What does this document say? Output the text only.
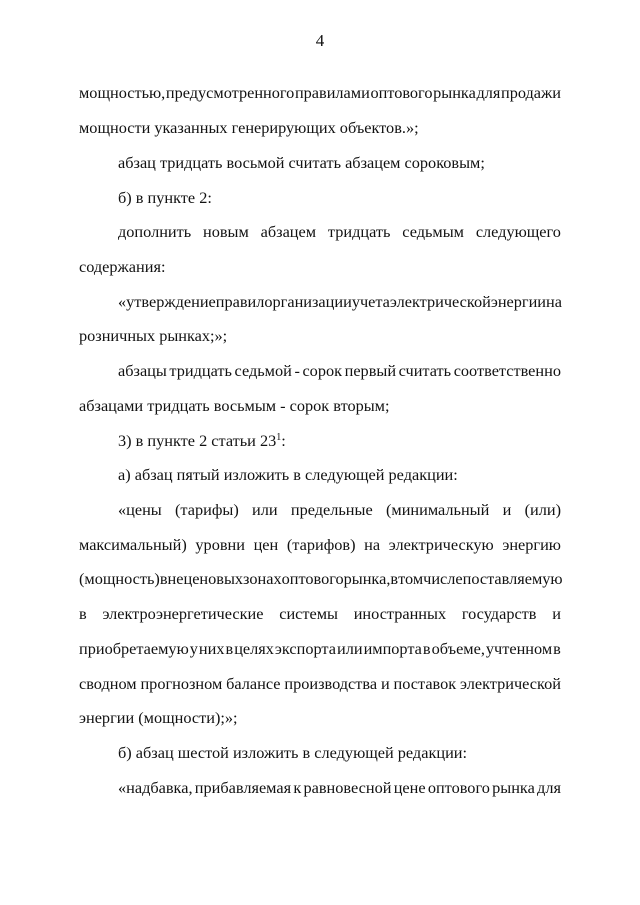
4
мощностью, предусмотренного правилами оптового рынка для продажи
мощности указанных генерирующих объектов.»;
абзац тридцать восьмой считать абзацем сороковым;
б) в пункте 2:
дополнить новым абзацем тридцать седьмым следующего
содержания:
«утверждение правил организации учета электрической энергии на
розничных рынках;»;
абзацы тридцать седьмой - сорок первый считать соответственно
абзацами тридцать восьмым - сорок вторым;
3) в пункте 2 статьи $23^1$:
а) абзац пятый изложить в следующей редакции:
«цены (тарифы) или предельные (минимальный и (или)
максимальный) уровни цен (тарифов) на электрическую энергию
(мощность) в неценовых зонах оптового рынка, в том числе поставляемую
в электроэнергетические системы иностранных государств и
приобретаемую у них в целях экспорта или импорта в объеме, учтенном в
сводном прогнозном балансе производства и поставок электрической
энергии (мощности);»;
б) абзац шестой изложить в следующей редакции:
«надбавка, прибавляемая к равновесной цене оптового рынка для
